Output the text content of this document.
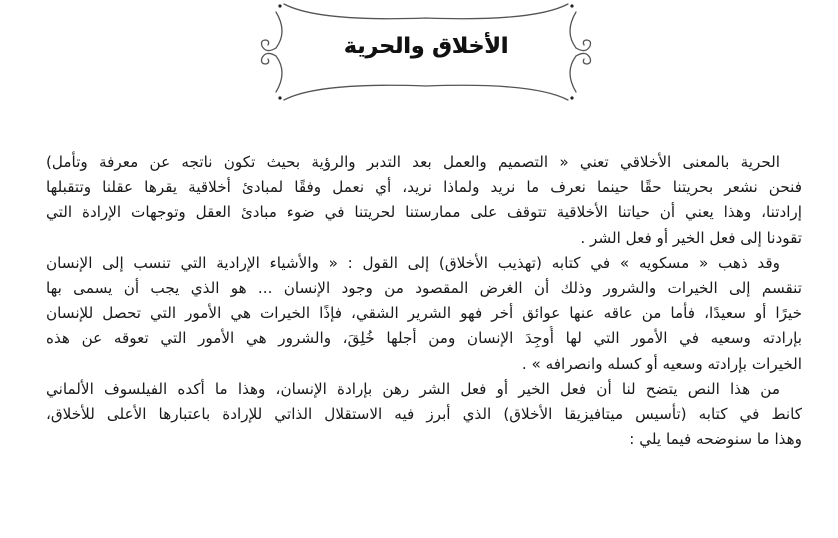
الأخلاق والحرية
الحرية بالمعنى الأخلاقي تعني « التصميم والعمل بعد التدبر والرؤية بحيث تكون ناتجه عن معرفة وتأمل)
فنحن نشعر بحريتنا حقًا حينما نعرف ما نريد ولماذا نريد، أي نعمل وفقًا لمبادئ أخلاقية يقرها عقلنا وتتقبلها
إرادتنا، وهذا يعني أن حياتنا الأخلاقية تتوقف على ممارستنا لحريتنا في ضوء مبادئ العقل وتوجهات الإرادة التي
تقودنا إلى فعل الخير أو فعل الشر .
وقد ذهب « مسكويه » في كتابه (تهذيب الأخلاق) إلى القول : « والأشياء الإرادية التي تنسب إلى الإنسان
تنقسم إلى الخيرات والشرور وذلك أن الغرض المقصود من وجود الإنسان ... هو الذي يجب أن يسمى بها
خيرًا أو سعيدًا، فأما من عاقه عنها عوائق أخر فهو الشرير الشقي، فإذًا الخيرات هي الأمور التي تحصل للإنسان
بإرادته وسعيه في الأمور التي لها أُوجِدَ الإنسان ومن أجلها خُلِقَ، والشرور هي الأمور التي تعوقه عن هذه
الخيرات بإرادته وسعيه أو كسله وانصرافه » .
من هذا النص يتضح لنا أن فعل الخير أو فعل الشر رهن بإرادة الإنسان، وهذا ما أكده الفيلسوف الألماني
كانط في كتابه (تأسيس ميتافيزيقا الأخلاق) الذي أبرز فيه الاستقلال الذاتي للإرادة باعتبارها الأعلى للأخلاق،
وهذا ما سنوضحه فيما يلي :
